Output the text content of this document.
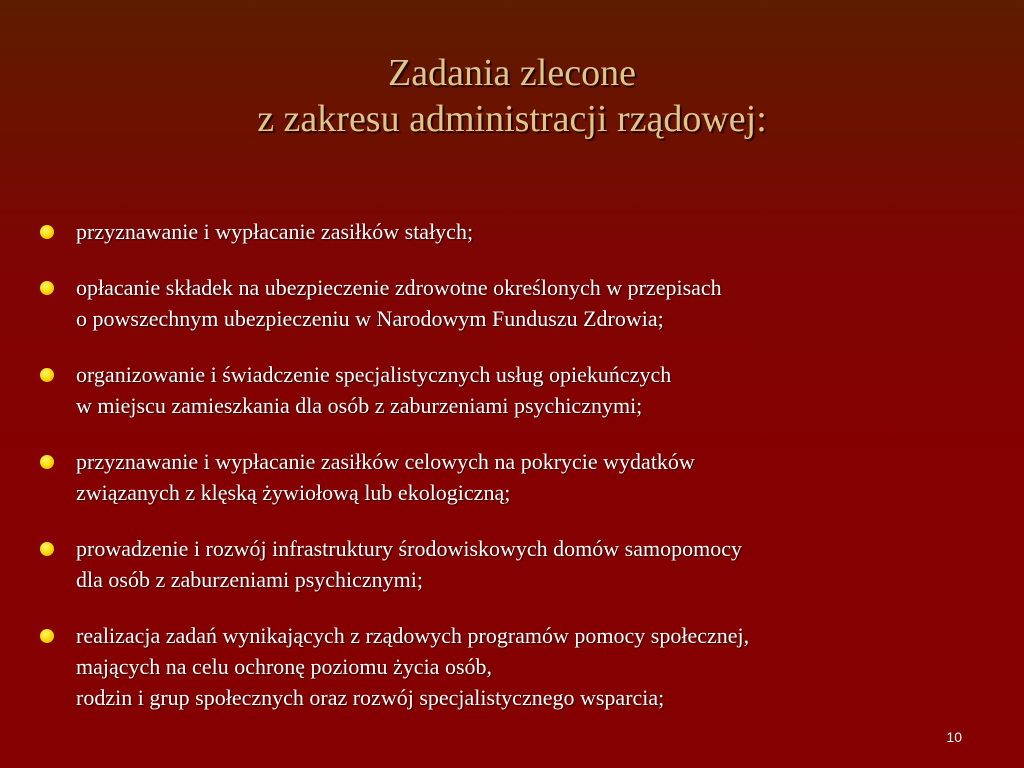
Zadania zlecone
z zakresu administracji rządowej:
przyznawanie i wypłacanie zasiłków stałych;
opłacanie składek na ubezpieczenie zdrowotne określonych w przepisach
o powszechnym ubezpieczeniu w Narodowym Funduszu Zdrowia;
organizowanie i świadczenie specjalistycznych usług opiekuńczych
w miejscu zamieszkania dla osób z zaburzeniami psychicznymi;
przyznawanie i wypłacanie zasiłków celowych na pokrycie wydatków
związanych z klęską żywiołową lub ekologiczną;
prowadzenie i rozwój infrastruktury środowiskowych domów samopomocy
dla osób z zaburzeniami psychicznymi;
realizacja zadań wynikających z rządowych programów pomocy społecznej,
mających na celu ochronę poziomu życia osób,
rodzin i grup społecznych oraz rozwój specjalistycznego wsparcia;
10
